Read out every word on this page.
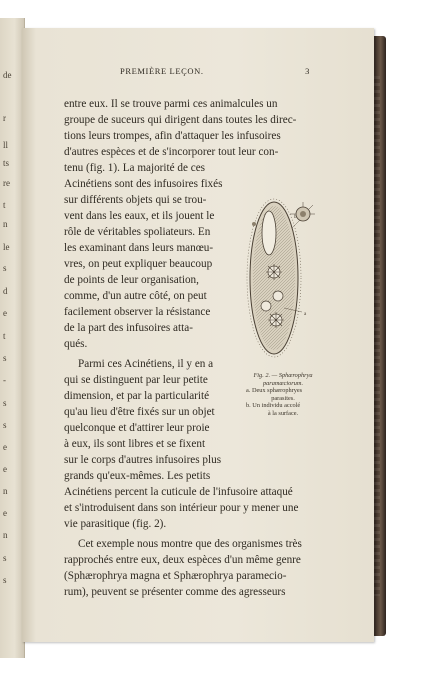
de
r
ll
ts
re
t
n
le
s
d
e
t
s
-
s
s
e
e
n
e
n
s
s
PREMIÈRE LEÇON.	3
entre eux. Il se trouve parmi ces animalcules un
groupe de suceurs qui dirigent dans toutes les direc-
tions leurs trompes, afin d'attaquer les infusoires
d'autres espèces et de s'incorporer tout leur con-
tenu (fig. 1). La majorité de ces
Acinétiens sont des infusoires fixés
sur différents objets qui se trou-
vent dans les eaux, et ils jouent le
rôle de véritables spoliateurs. En
les examinant dans leurs manœu-
vres, on peut expliquer beaucoup
de points de leur organisation,
comme, d'un autre côté, on peut
facilement observer la résistance
de la part des infusoires atta-
qués.
Parmi ces Acinétiens, il y en a
qui se distinguent par leur petite
dimension, et par la particularité
qu'au lieu d'être fixés sur un objet
quelconque et d'attirer leur proie
à eux, ils sont libres et se fixent
sur le corps d'autres infusoires plus
grands qu'eux-mêmes. Les petits
Acinétiens percent la cuticule de l'infusoire attaqué
et s'introduisent dans son intérieur pour y mener une
vie parasitique (fig. 2).
Cet exemple nous montre que des organismes très
rapprochés entre eux, deux espèces d'un même genre
(Sphærophrya magna et Sphærophrya paramecio-
rum), peuvent se présenter comme des agresseurs
a
b
Fig. 2. — Sphærophrya
paramæciorum.
a. Deux sphærophryes
parasites.
b. Un individu accolé
à la surface.
